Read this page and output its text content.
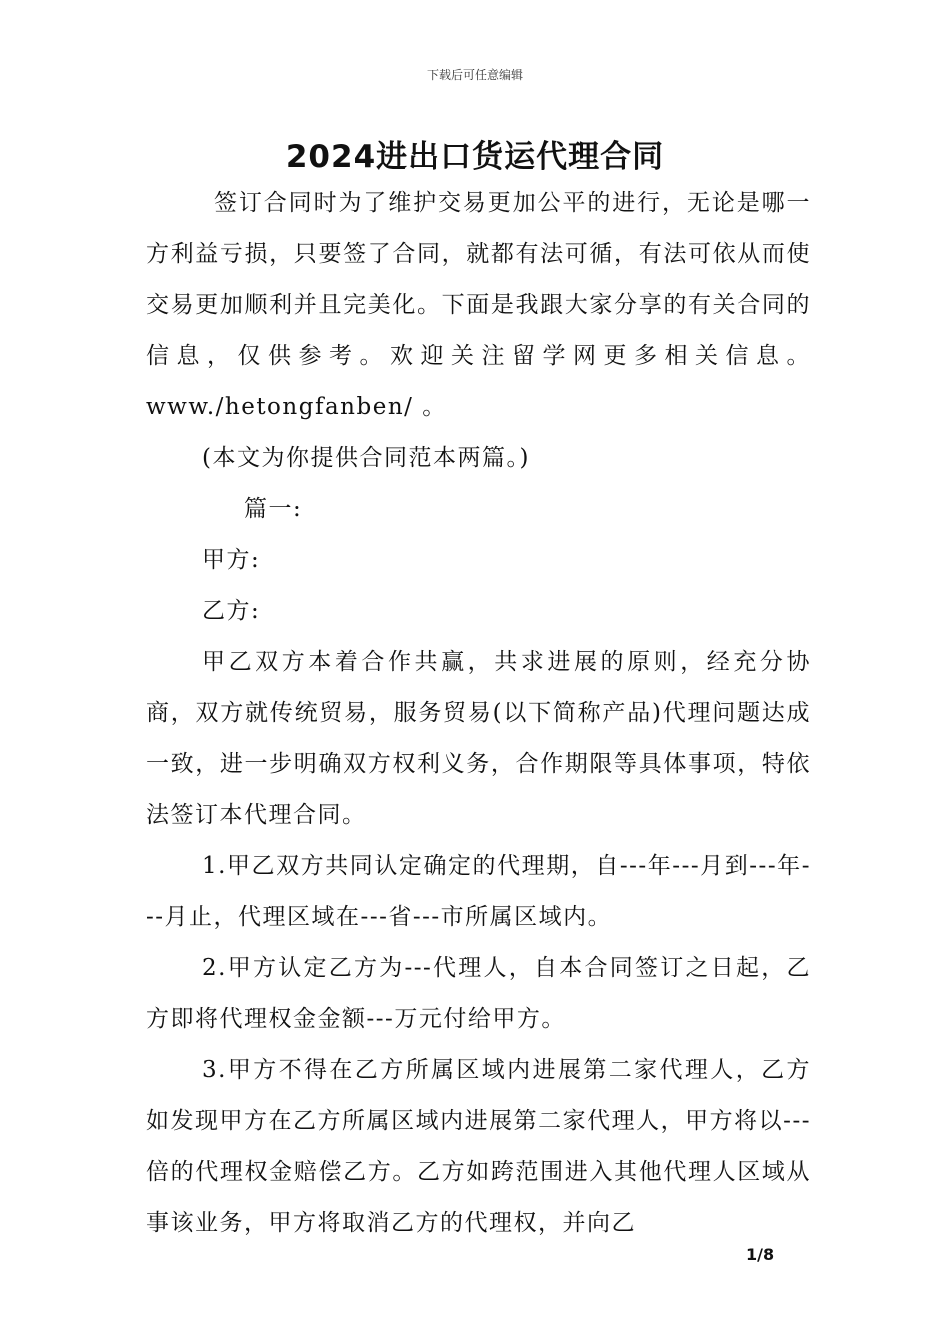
下载后可任意编辑
2024进出口货运代理合同

签订合同时为了维护交易更加公平的进行，无论是哪一方利益亏损，只要签了合同，就都有法可循，有法可依从而使交易更加顺利并且完美化。下面是我跟大家分享的有关合同的信息，仅供参考。欢迎关注留学网更多相关信息。www./hetongfanben/ 。

(本文为你提供合同范本两篇。)

篇一:

甲方:

乙方:

甲乙双方本着合作共赢，共求进展的原则，经充分协商，双方就传统贸易，服务贸易(以下简称产品)代理问题达成一致，进一步明确双方权利义务，合作期限等具体事项，特依法签订本代理合同。

1.甲乙双方共同认定确定的代理期，自---年---月到---年---月止，代理区域在---省---市所属区域内。

2.甲方认定乙方为---代理人，自本合同签订之日起，乙方即将代理权金金额---万元付给甲方。

3.甲方不得在乙方所属区域内进展第二家代理人，乙方如发现甲方在乙方所属区域内进展第二家代理人，甲方将以---倍的代理权金赔偿乙方。乙方如跨范围进入其他代理人区域从事该业务，甲方将取消乙方的代理权，并向乙

1/8
